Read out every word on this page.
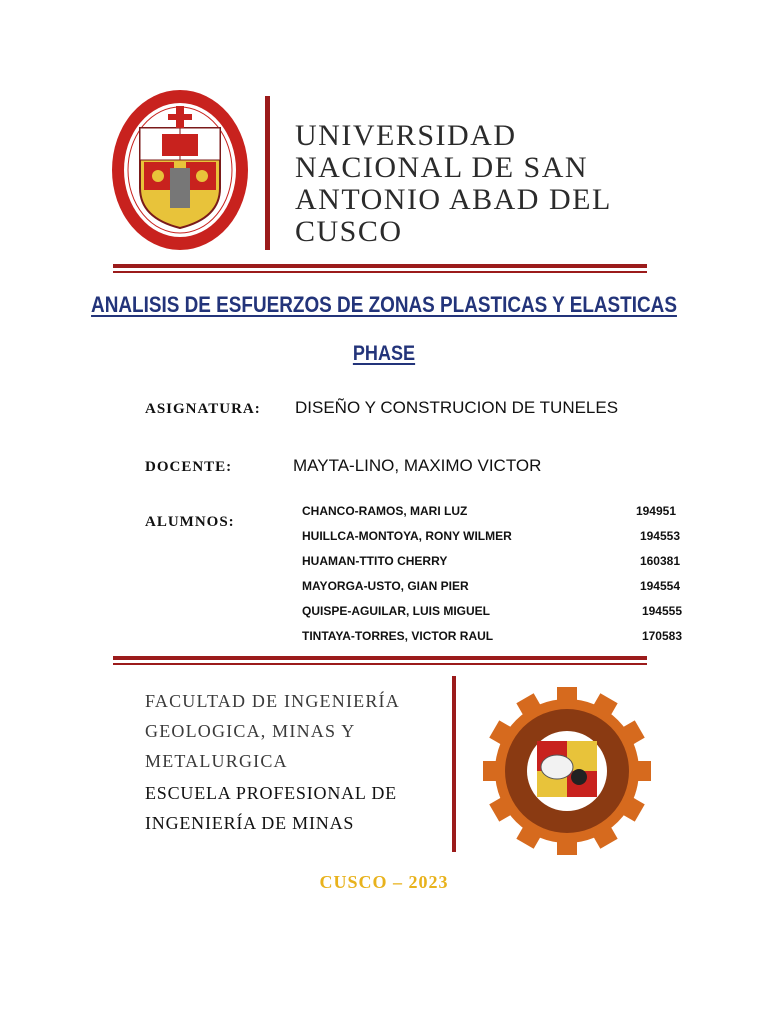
UNIVERSIDAD
NACIONAL DE SAN
ANTONIO ABAD DEL
CUSCO
ANALISIS DE ESFUERZOS DE ZONAS PLASTICAS Y ELASTICAS
PHASE
ASIGNATURA: DISEÑO Y CONSTRUCION DE TUNELES
DOCENTE:	MAYTA-LINO, MAXIMO VICTOR
ALUMNOS:
CHANCO-RAMOS, MARI LUZ	194951
HUILLCA-MONTOYA, RONY WILMER	194553
HUAMAN-TTITO CHERRY	160381
MAYORGA-USTO, GIAN PIER	194554
QUISPE-AGUILAR, LUIS MIGUEL	194555
TINTAYA-TORRES, VICTOR RAUL	170583
FACULTAD DE INGENIERÍA
GEOLOGICA, MINAS Y
METALURGICA
ESCUELA PROFESIONAL DE
INGENIERÍA DE MINAS
CUSCO – 2023
